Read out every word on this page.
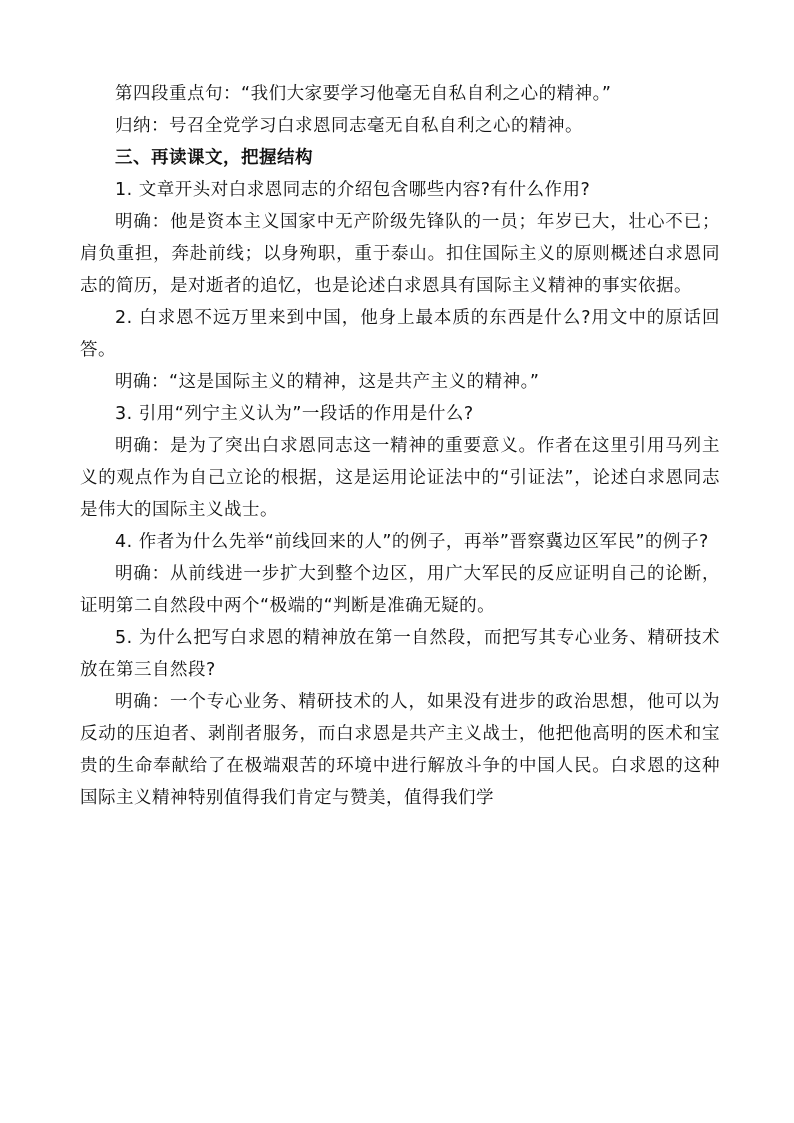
第四段重点句：“我们大家要学习他毫无自私自利之心的精神。”

归纳：号召全党学习白求恩同志毫无自私自利之心的精神。

三、再读课文，把握结构

1. 文章开头对白求恩同志的介绍包含哪些内容?有什么作用?

明确：他是资本主义国家中无产阶级先锋队的一员；年岁已大，壮心不已；肩负重担，奔赴前线；以身殉职，重于泰山。扣住国际主义的原则概述白求恩同志的简历，是对逝者的追忆，也是论述白求恩具有国际主义精神的事实依据。

2. 白求恩不远万里来到中国，他身上最本质的东西是什么?用文中的原话回答。

明确：“这是国际主义的精神，这是共产主义的精神。”

3. 引用“列宁主义认为”一段话的作用是什么?

明确：是为了突出白求恩同志这一精神的重要意义。作者在这里引用马列主义的观点作为自己立论的根据，这是运用论证法中的“引证法”，论述白求恩同志是伟大的国际主义战士。

4. 作者为什么先举“前线回来的人”的例子，再举”晋察冀边区军民”的例子?

明确：从前线进一步扩大到整个边区，用广大军民的反应证明自己的论断，证明第二自然段中两个“极端的“判断是准确无疑的。

5. 为什么把写白求恩的精神放在第一自然段，而把写其专心业务、精研技术放在第三自然段?

明确：一个专心业务、精研技术的人，如果没有进步的政治思想，他可以为反动的压迫者、剥削者服务，而白求恩是共产主义战士，他把他高明的医术和宝贵的生命奉献给了在极端艰苦的环境中进行解放斗争的中国人民。白求恩的这种国际主义精神特别值得我们肯定与赞美，值得我们学
